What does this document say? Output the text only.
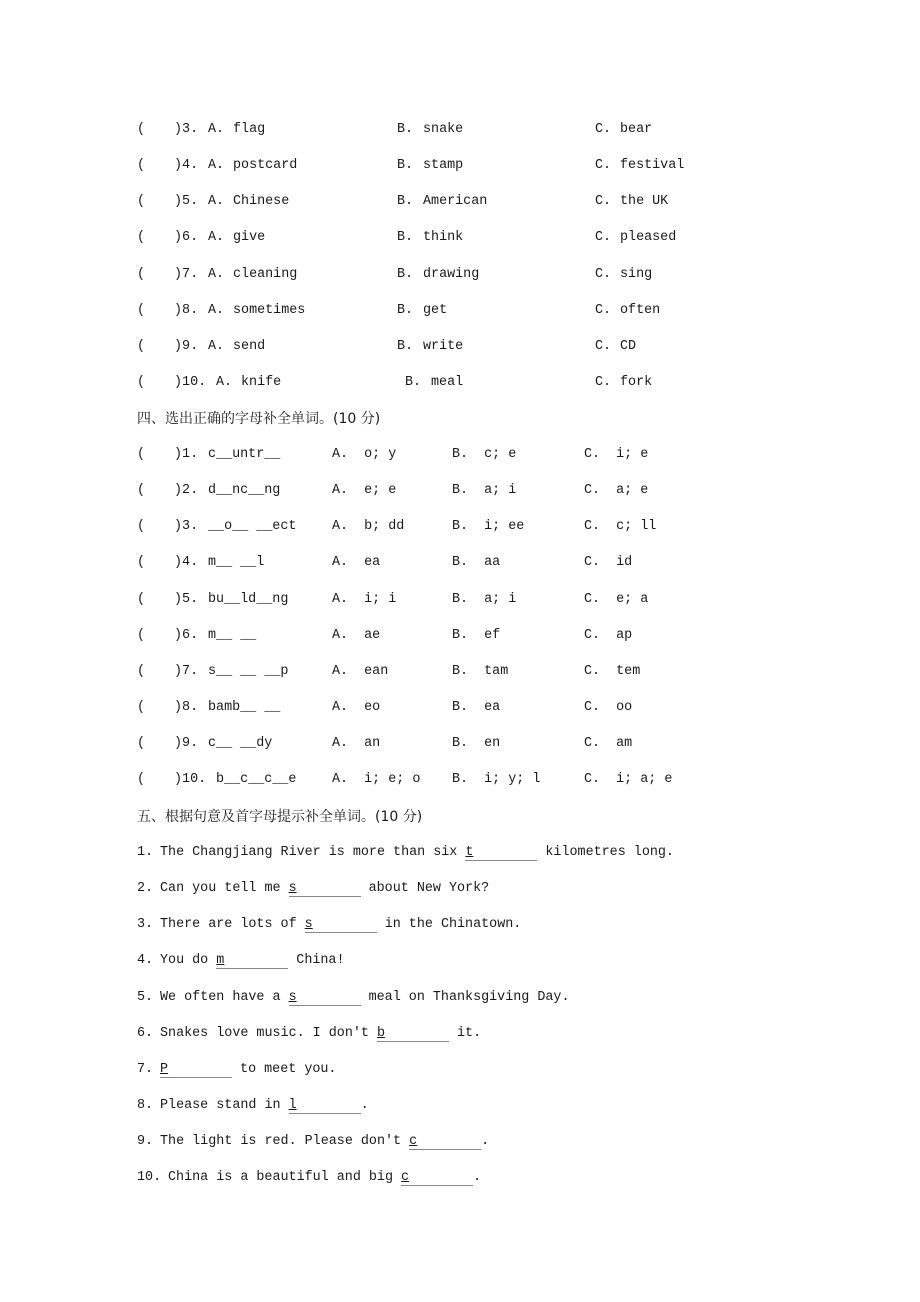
四、选出正确的字母补全单词。(10 分)
五、根据句意及首字母提示补全单词。(10 分)
( )3. A. flag	B. snake	C. bear
( )4. A. postcard	B. stamp	C. festival
( )5. A. Chinese	B. American	C. the UK
( )6. A. give	B. think	C. pleased
( )7. A. cleaning	B. drawing	C. sing
( )8. A. sometimes	B. get	C. often
( )9. A. send	B. write	C. CD
( )10. A. knife	B. meal	C. fork
( )1. c__untr__	A.  o; y	B.  c; e	C.  i; e
( )2. d__nc__ng	A.  e; e	B.  a; i	C.  a; e
( )3. __o__ __ect	A.  b; dd	B.  i; ee	C.  c; ll
( )4. m__ __l	A.  ea	B.  aa	C.  id
( )5. bu__ld__ng	A.  i; i	B.  a; i	C.  e; a
( )6. m__ __	A.  ae	B.  ef	C.  ap
( )7. s__ __ __p	A.  ean	B.  tam	C.  tem
( )8. bamb__ __	A.  eo	B.  ea	C.  oo
( )9. c__ __dy	A.  an	B.  en	C.  am
( )10. b__c__c__e	A.  i; e; o B.  i; y; l	C.  i; a; e
1. The Changjiang River is more than six t	kilometres long.
2. Can you tell me s	about New York?
3. There are lots of s	in the Chinatown.
4. You do m	China!
5. We often have a s	meal on Thanksgiving Day.
6. Snakes love music. I don't b	it.
7. P	to meet you.
8. Please stand in l	.
9. The light is red. Please don't c	.
10. China is a beautiful and big c	.
